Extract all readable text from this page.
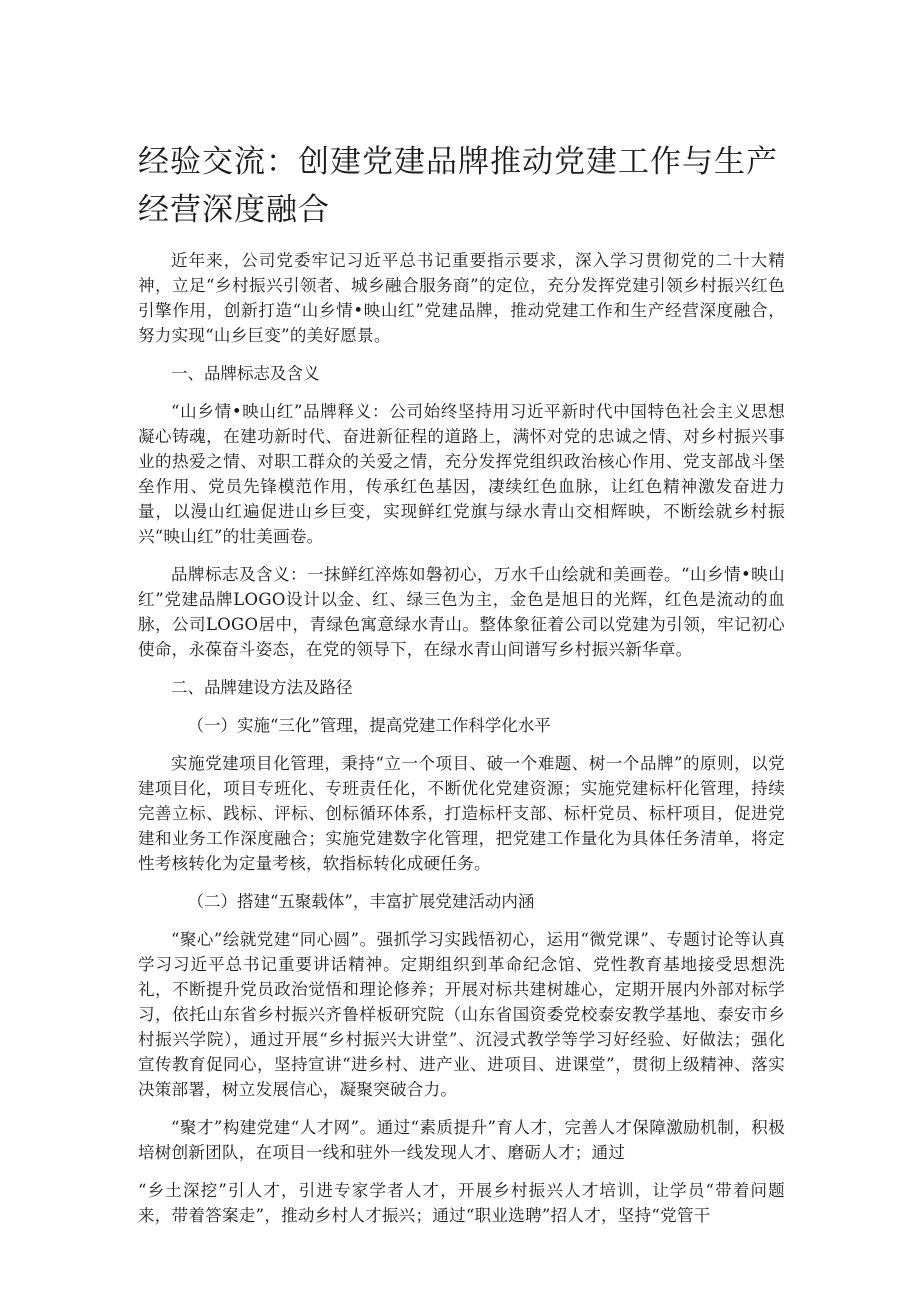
经验交流：创建党建品牌推动党建工作与生产经营深度融合

近年来，公司党委牢记习近平总书记重要指示要求，深入学习贯彻党的二十大精神，立足“乡村振兴引领者、城乡融合服务商”的定位，充分发挥党建引领乡村振兴红色引擎作用，创新打造“山乡情•映山红”党建品牌，推动党建工作和生产经营深度融合，努力实现“山乡巨变”的美好愿景。

一、品牌标志及含义

“山乡情•映山红”品牌释义：公司始终坚持用习近平新时代中国特色社会主义思想凝心铸魂，在建功新时代、奋进新征程的道路上，满怀对党的忠诚之情、对乡村振兴事业的热爱之情、对职工群众的关爱之情，充分发挥党组织政治核心作用、党支部战斗堡垒作用、党员先锋模范作用，传承红色基因，凄续红色血脉，让红色精神激发奋进力量，以漫山红遍促进山乡巨变，实现鲜红党旗与绿水青山交相辉映，不断绘就乡村振兴“映山红”的壮美画卷。

品牌标志及含义：一抹鲜红淬炼如磐初心，万水千山绘就和美画卷。“山乡情•映山红”党建品牌LOGO设计以金、红、绿三色为主，金色是旭日的光辉，红色是流动的血脉，公司LOGO居中，青绿色寓意绿水青山。整体象征着公司以党建为引领，牢记初心使命，永葆奋斗姿态，在党的领导下，在绿水青山间谱写乡村振兴新华章。

二、品牌建设方法及路径

（一）实施“三化”管理，提高党建工作科学化水平

实施党建项目化管理，秉持“立一个项目、破一个难题、树一个品牌”的原则，以党建项目化，项目专班化、专班责任化，不断优化党建资源；实施党建标杆化管理，持续完善立标、践标、评标、创标循环体系，打造标杆支部、标杆党员、标杆项目，促进党建和业务工作深度融合；实施党建数字化管理，把党建工作量化为具体任务清单，将定性考核转化为定量考核，软指标转化成硬任务。

（二）搭建“五聚载体”，丰富扩展党建活动内涵

“聚心”绘就党建“同心圆”。强抓学习实践悟初心，运用“微党课”、专题讨论等认真学习习近平总书记重要讲话精神。定期组织到革命纪念馆、党性教育基地接受思想洗礼，不断提升党员政治觉悟和理论修养；开展对标共建树雄心，定期开展内外部对标学习，依托山东省乡村振兴齐鲁样板研究院（山东省国资委党校泰安教学基地、泰安市乡村振兴学院），通过开展“乡村振兴大讲堂”、沉浸式教学等学习好经验、好做法；强化宣传教育促同心，坚持宣讲“进乡村、进产业、进项目、进课堂”，贯彻上级精神、落实决策部署，树立发展信心，凝聚突破合力。

“聚才”构建党建“人才网”。通过“素质提升”育人才，完善人才保障激励机制，积极培树创新团队，在项目一线和驻外一线发现人才、磨砺人才；通过

“乡土深挖”引人才，引进专家学者人才，开展乡村振兴人才培训，让学员“带着问题来，带着答案走”，推动乡村人才振兴；通过“职业选聘”招人才，坚持“党管干
